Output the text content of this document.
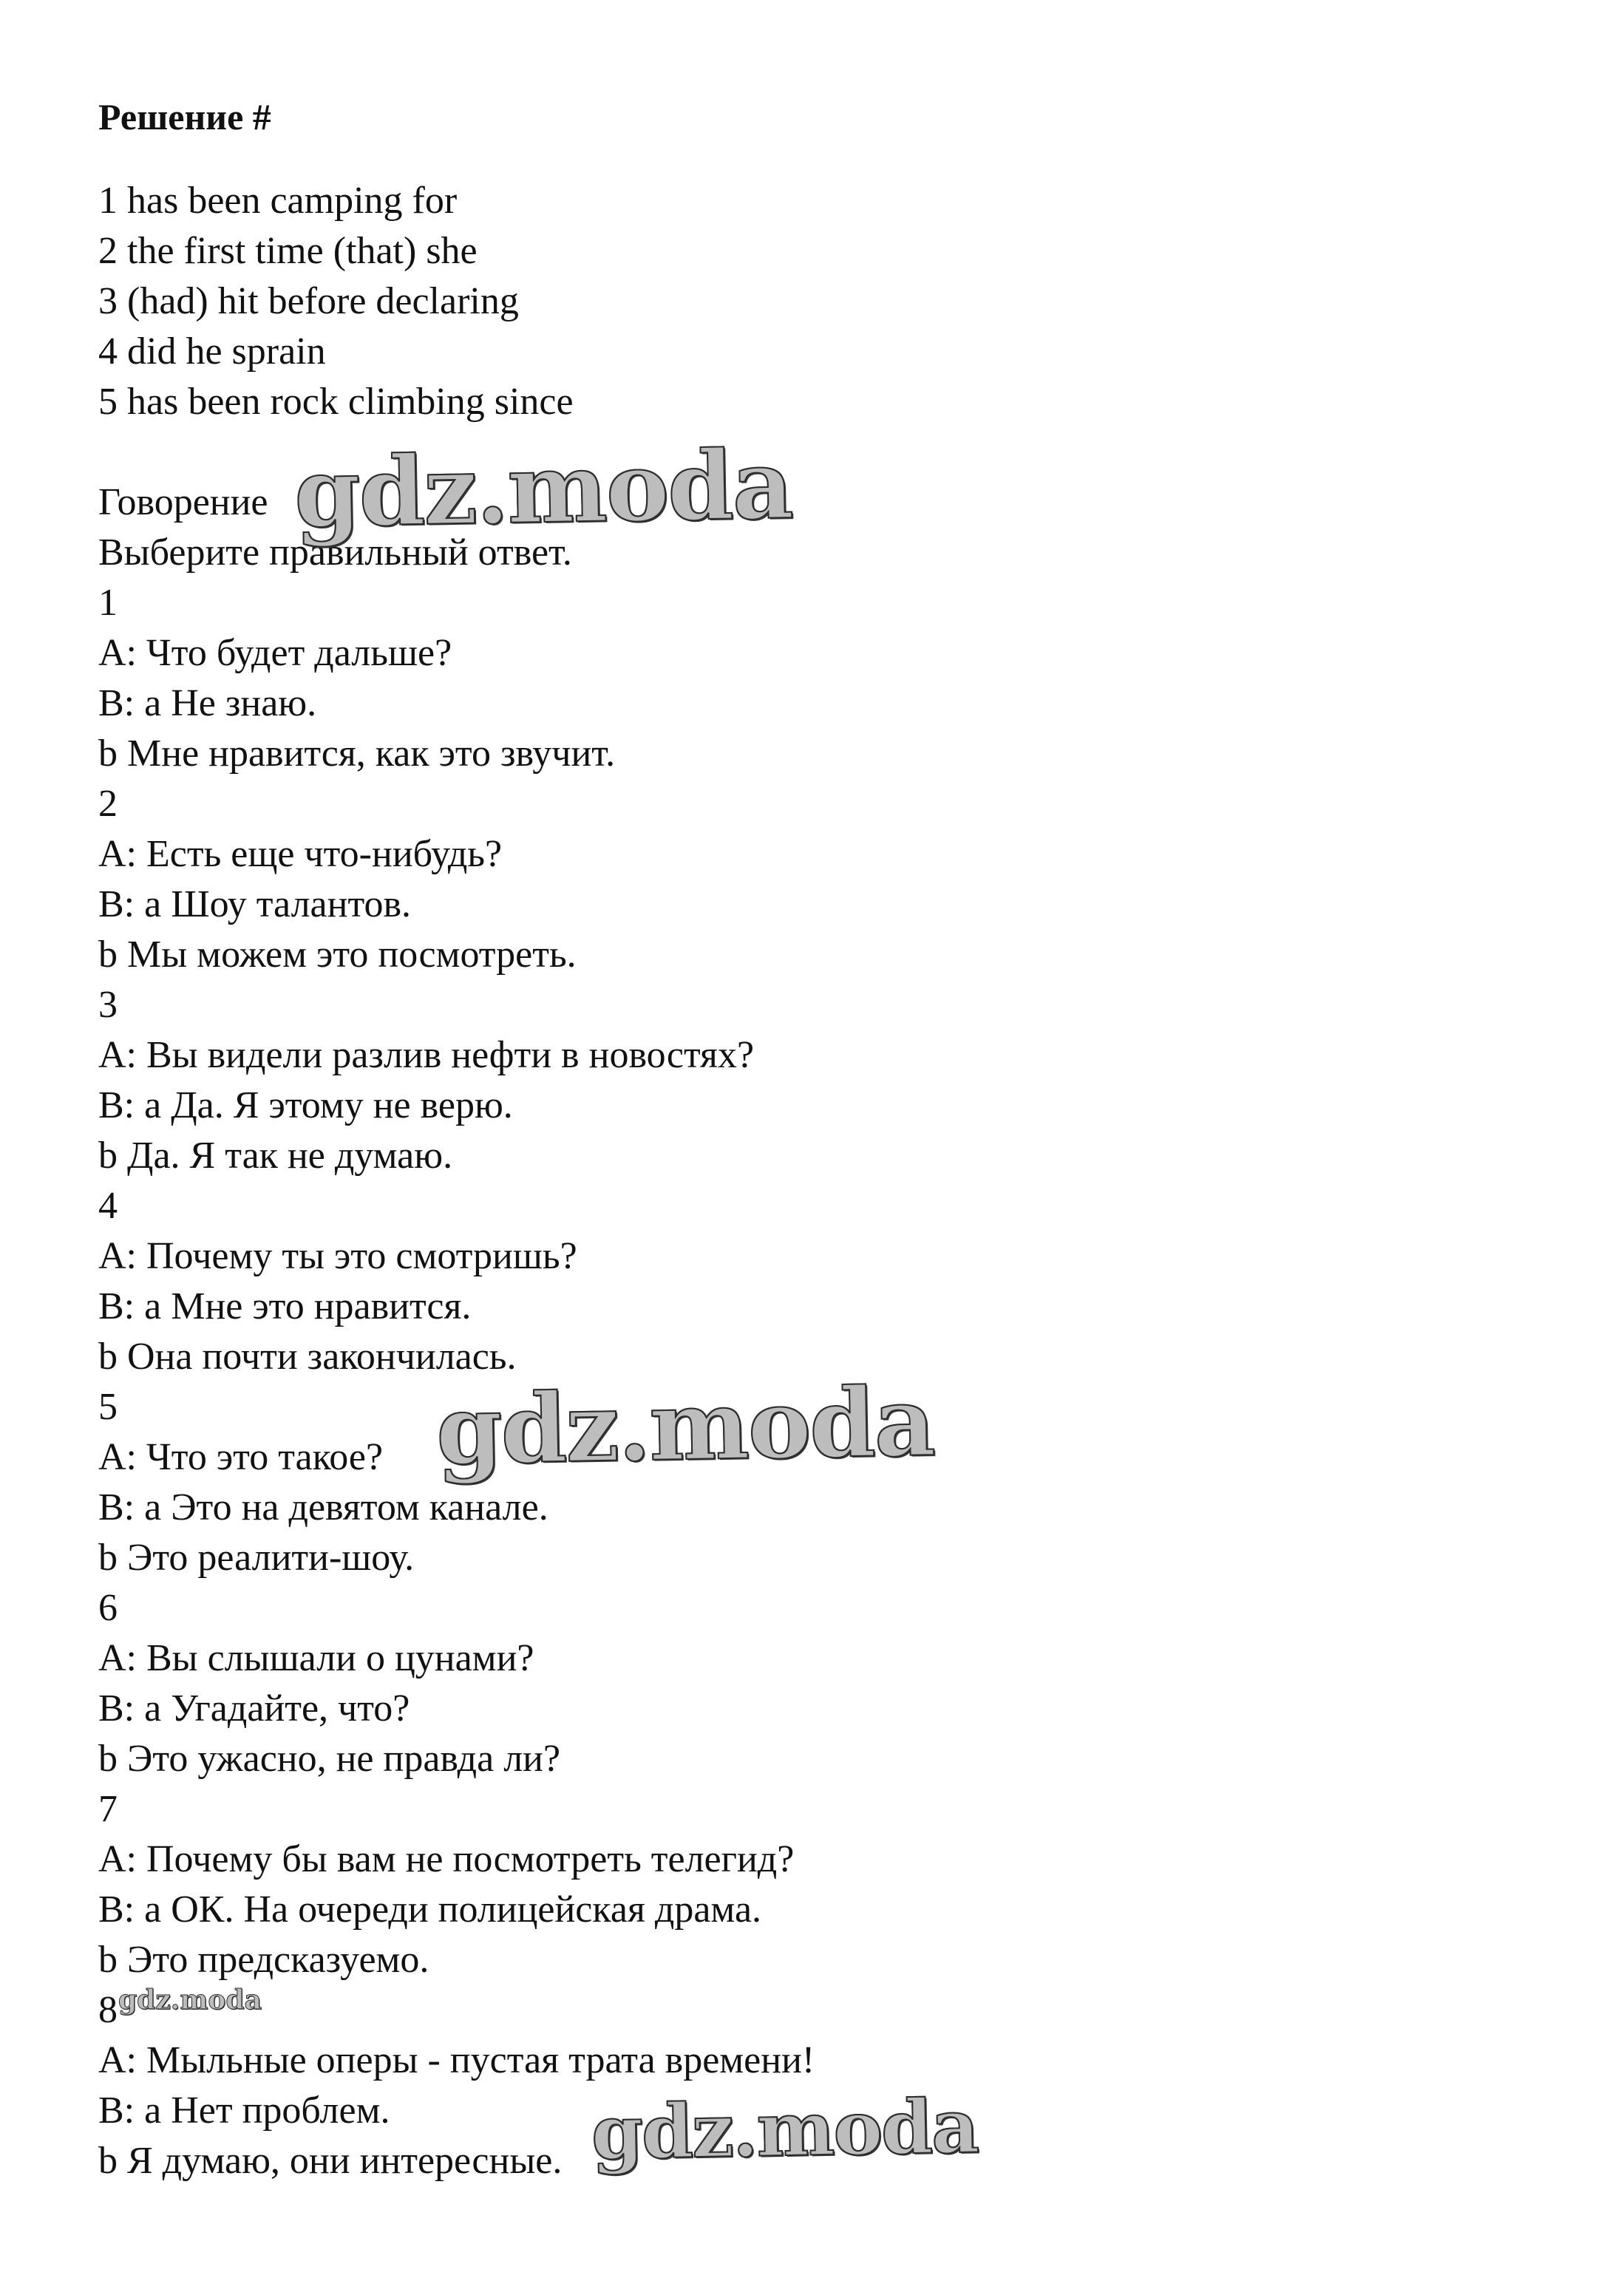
Решение #
1 has been camping for
2 the first time (that) she
3 (had) hit before declaring
4 did he sprain
5 has been rock climbing since
Говорение
Выберите правильный ответ.
1
A: Что будет дальше?
B: a Не знаю.
b Мне нравится, как это звучит.
2
A: Есть еще что-нибудь?
B: a Шоу талантов.
b Мы можем это посмотреть.
3
A: Вы видели разлив нефти в новостях?
B: a Да. Я этому не верю.
b Да. Я так не думаю.
4
A: Почему ты это смотришь?
B: a Мне это нравится.
b Она почти закончилась.
5
A: Что это такое?
B: a Это на девятом канале.
b Это реалити-шоу.
6
A: Вы слышали о цунами?
B: a Угадайте, что?
b Это ужасно, не правда ли?
7
A: Почему бы вам не посмотреть телегид?
B: a ОК. На очереди полицейская драма.
b Это предсказуемо.
8
A: Мыльные оперы - пустая трата времени!
B: a Нет проблем.
b Я думаю, они интересные.
gdz.moda
gdz.moda
gdz.moda
gdz.moda
